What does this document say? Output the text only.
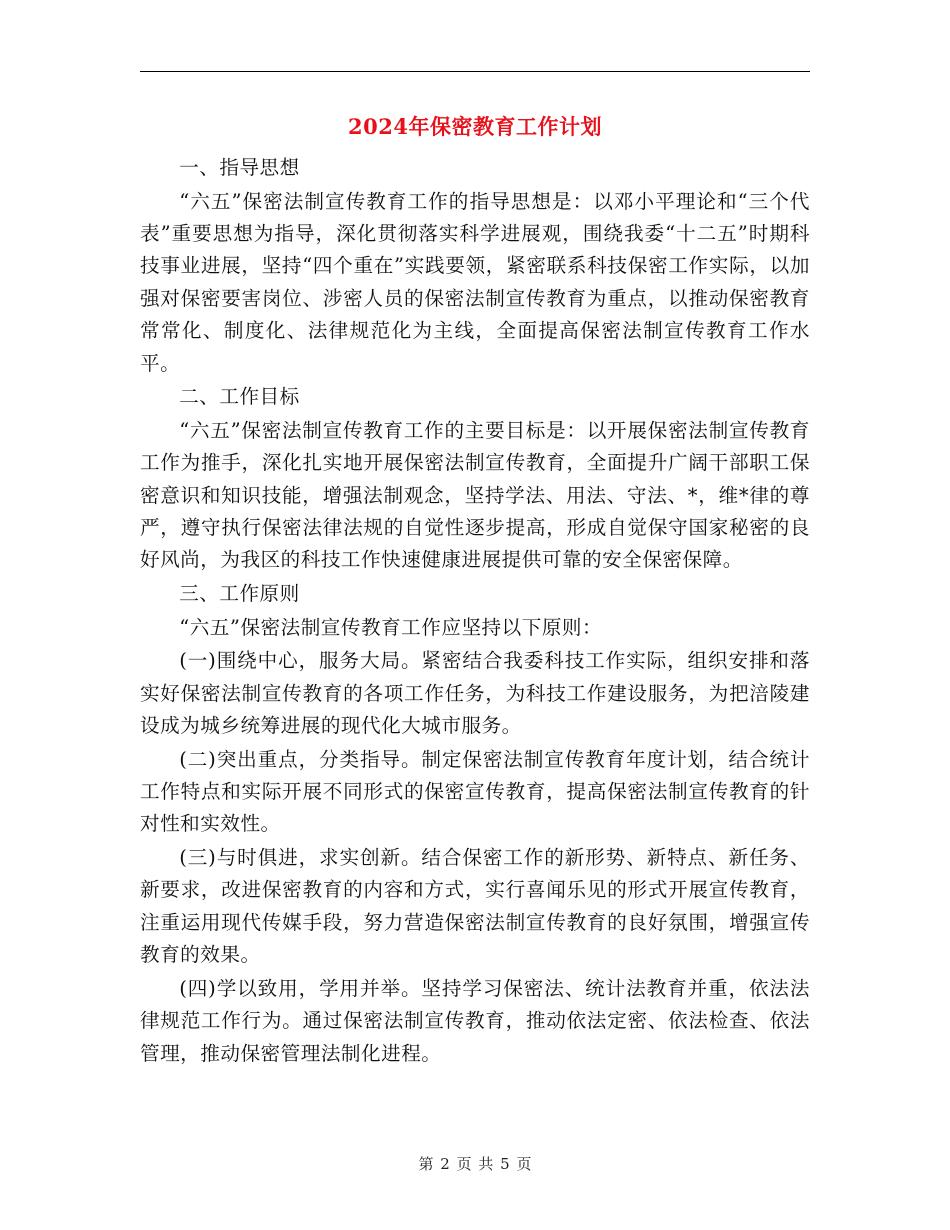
2024年保密教育工作计划

一、指导思想

“六五”保密法制宣传教育工作的指导思想是：以邓小平理论和“三个代表”重要思想为指导，深化贯彻落实科学进展观，围绕我委“十二五”时期科技事业进展，坚持“四个重在”实践要领，紧密联系科技保密工作实际，以加强对保密要害岗位、涉密人员的保密法制宣传教育为重点，以推动保密教育常常化、制度化、法律规范化为主线，全面提高保密法制宣传教育工作水平。

二、工作目标

“六五”保密法制宣传教育工作的主要目标是：以开展保密法制宣传教育工作为推手，深化扎实地开展保密法制宣传教育，全面提升广阔干部职工保密意识和知识技能，增强法制观念，坚持学法、用法、守法、*，维*律的尊严，遵守执行保密法律法规的自觉性逐步提高，形成自觉保守国家秘密的良好风尚，为我区的科技工作快速健康进展提供可靠的安全保密保障。

三、工作原则

“六五”保密法制宣传教育工作应坚持以下原则：

(一)围绕中心，服务大局。紧密结合我委科技工作实际，组织安排和落实好保密法制宣传教育的各项工作任务，为科技工作建设服务，为把涪陵建设成为城乡统筹进展的现代化大城市服务。

(二)突出重点，分类指导。制定保密法制宣传教育年度计划，结合统计工作特点和实际开展不同形式的保密宣传教育，提高保密法制宣传教育的针对性和实效性。

(三)与时俱进，求实创新。结合保密工作的新形势、新特点、新任务、新要求，改进保密教育的内容和方式，实行喜闻乐见的形式开展宣传教育，注重运用现代传媒手段，努力营造保密法制宣传教育的良好氛围，增强宣传教育的效果。

(四)学以致用，学用并举。坚持学习保密法、统计法教育并重，依法法律规范工作行为。通过保密法制宣传教育，推动依法定密、依法检查、依法管理，推动保密管理法制化进程。

第 2 页 共 5 页
